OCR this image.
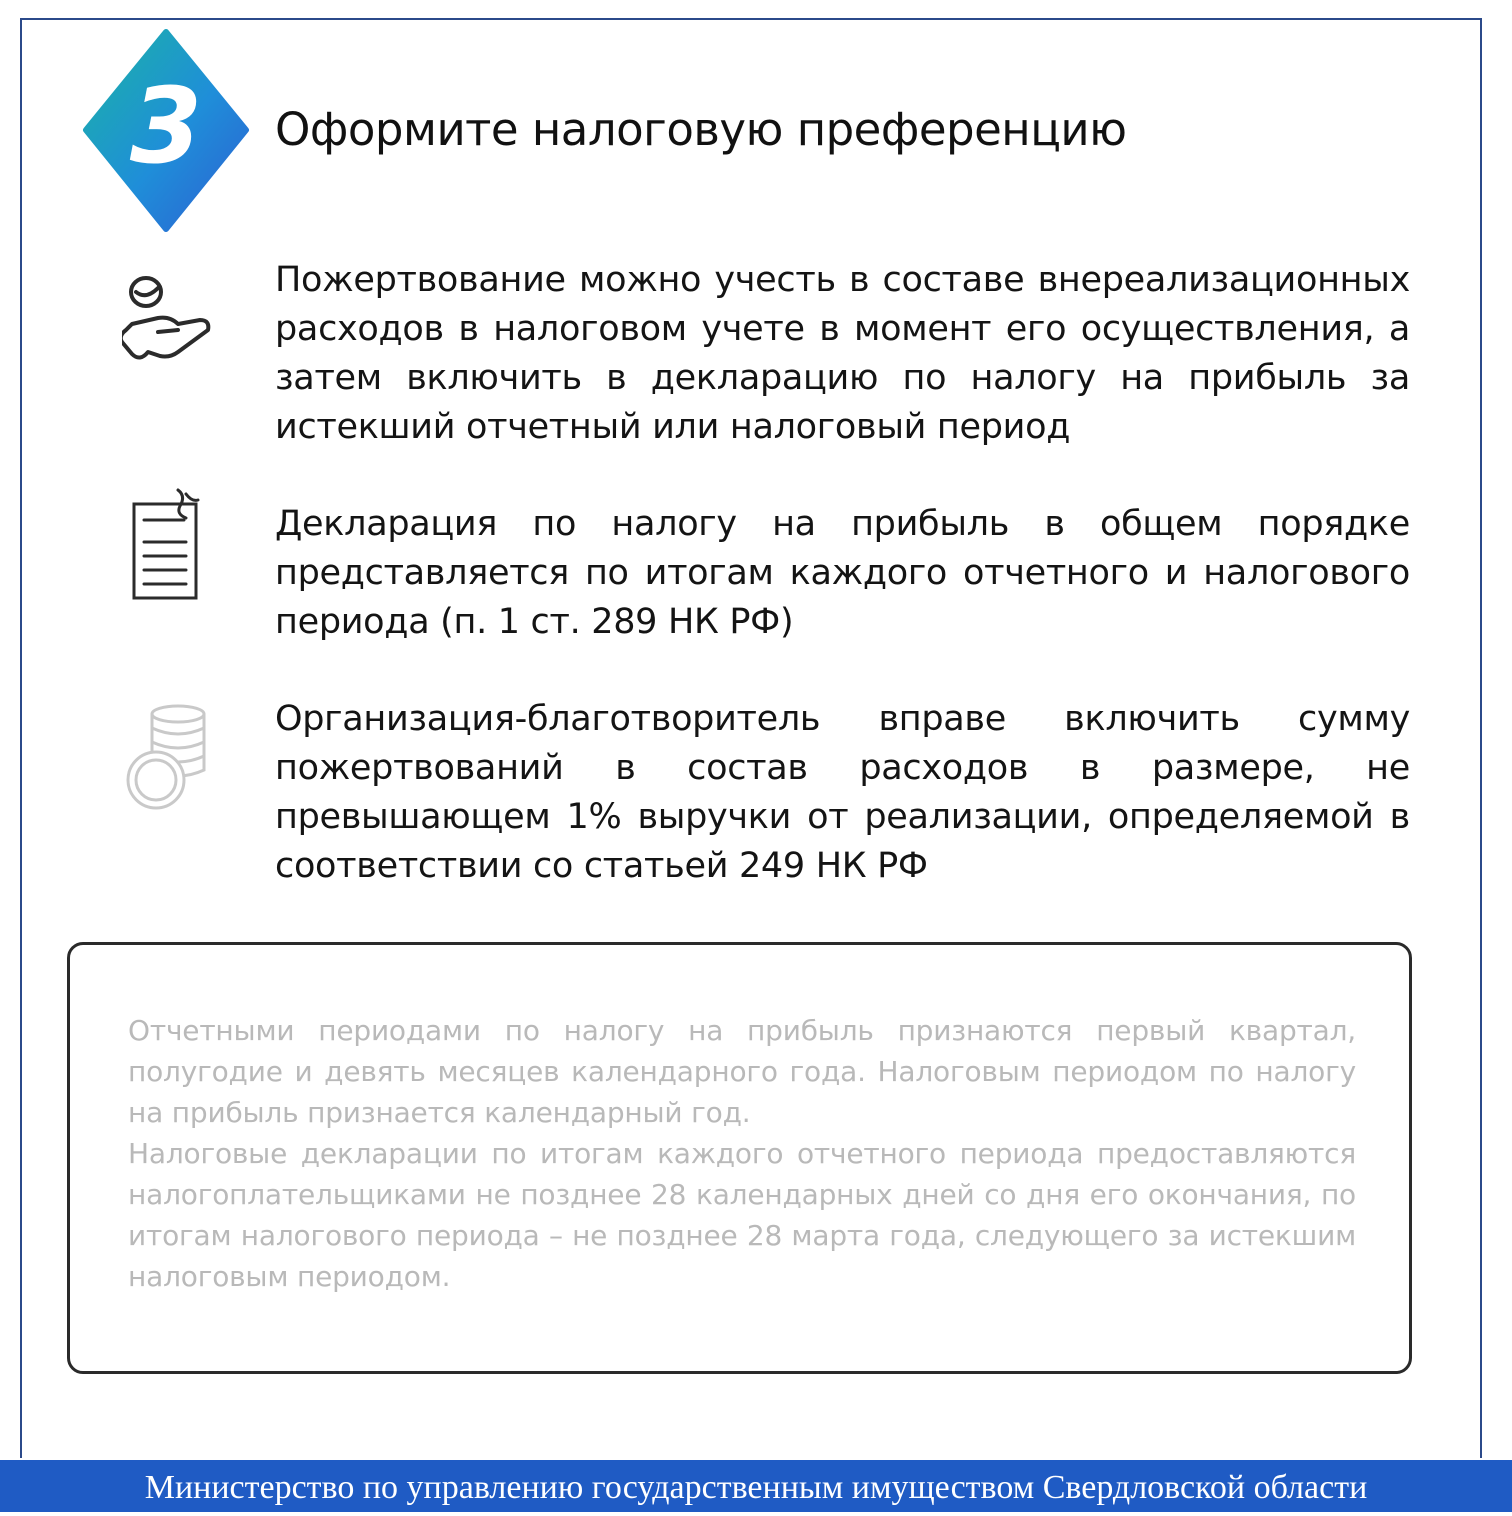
3	Оформите налоговую преференцию
Пожертвование можно учесть в составе внереализационных расходов в налоговом учете в момент его осуществления, а затем включить в декларацию по налогу на прибыль за истекший отчетный или налоговый период
Декларация по налогу на прибыль в общем порядке представляется по итогам каждого отчетного и налогового периода (п. 1 ст. 289 НК РФ)
Организация-благотворитель вправе включить сумму пожертвований в состав расходов в размере, не превышающем 1% выручки от реализации, определяемой в соответствии со статьей 249 НК РФ
Отчетными периодами по налогу на прибыль признаются первый квартал, полугодие и девять месяцев календарного года. Налоговым периодом по налогу на прибыль признается календарный год.
Налоговые декларации по итогам каждого отчетного периода предоставляются налогоплательщиками не позднее 28 календарных дней со дня его окончания, по итогам налогового периода – не позднее 28 марта года, следующего за истекшим налоговым периодом.
Министерство по управлению государственным имуществом Свердловской области
